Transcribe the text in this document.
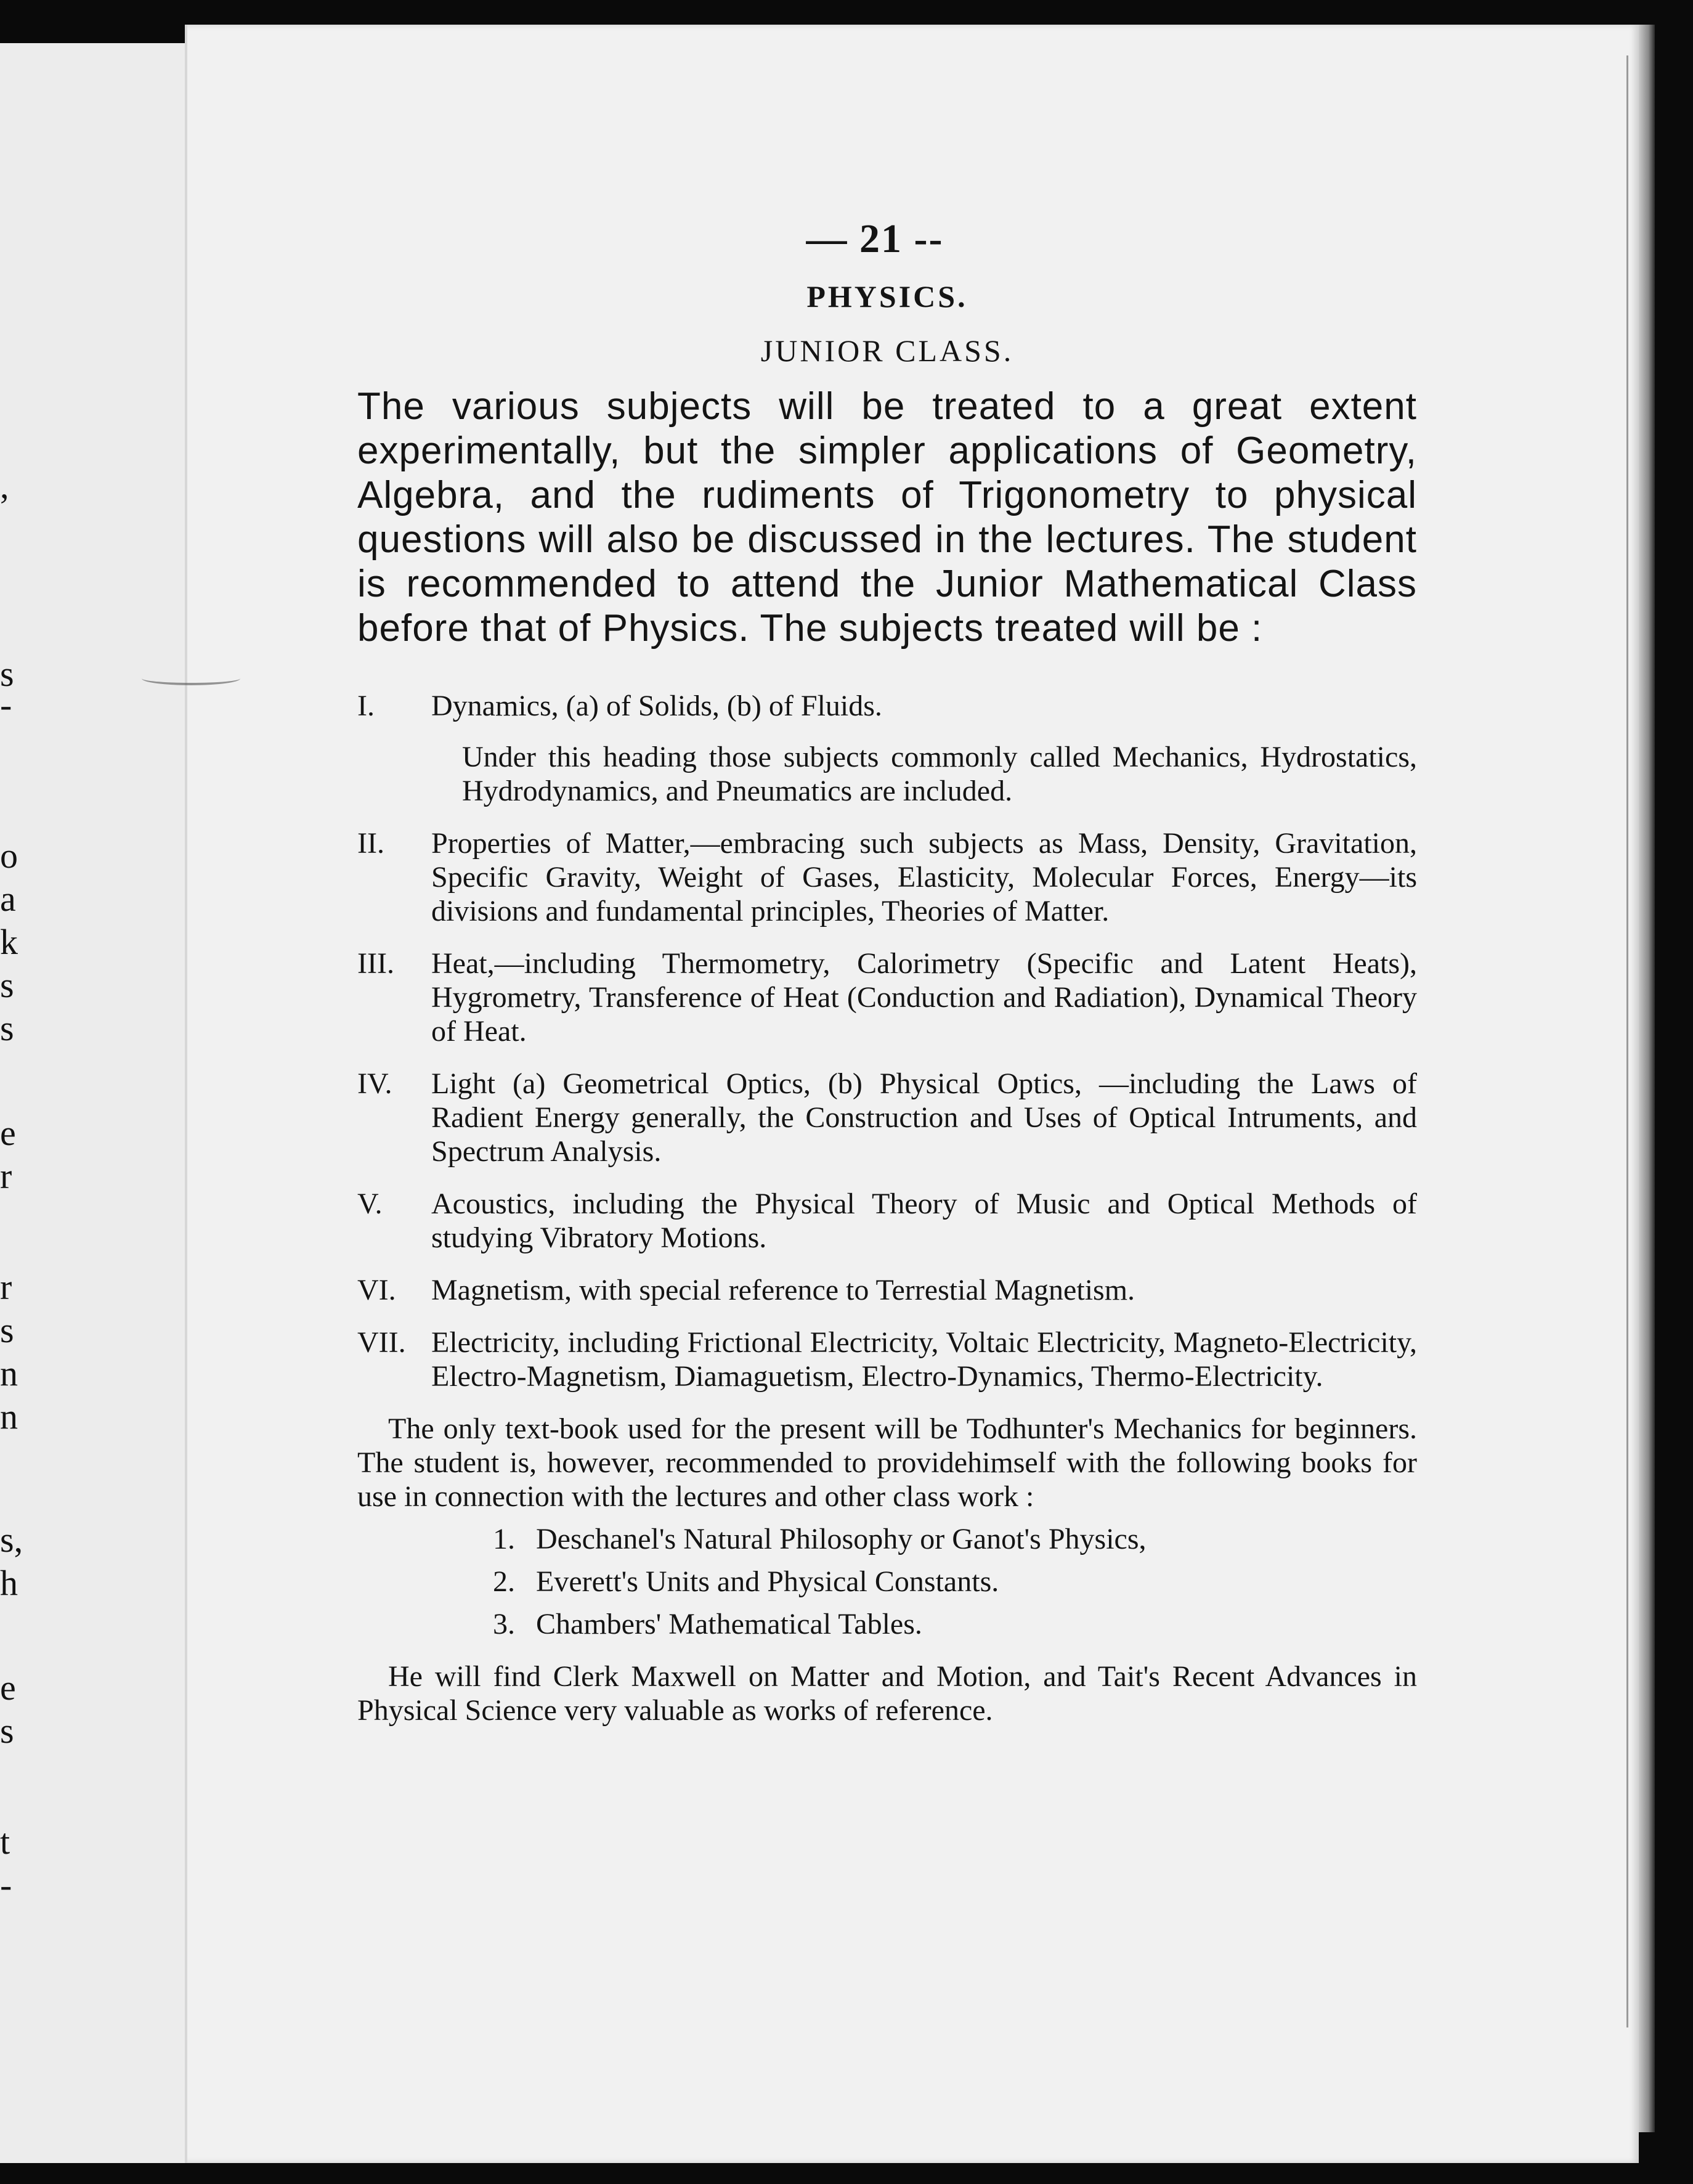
,
s
-
o
a
k
s
s
e
r
r
s
n
n
s,
h
e
s
t
-
— 21 --
PHYSICS.
JUNIOR CLASS.

The various subjects will be treated to a great extent experimentally, but the simpler applications of Geometry, Algebra, and the rudiments of Trigonometry to physical questions will also be discussed in the lectures. The student is recommended to attend the Junior Mathematical Class before that of Physics. The subjects treated will be :

I.	Dynamics, (a) of Solids, (b) of Fluids.
Under this heading those subjects commonly called Mechanics, Hydrostatics, Hydrodynamics, and Pneumatics are included.
II.	Properties of Matter,—embracing such subjects as Mass, Density, Gravitation, Specific Gravity, Weight of Gases, Elasticity, Molecular Forces, Energy—its divisions and fundamental principles, Theories of Matter.
III.	Heat,—including Thermometry, Calorimetry (Specific and Latent Heats), Hygrometry, Transference of Heat (Conduction and Radiation), Dynamical Theory of Heat.
IV.	Light (a) Geometrical Optics, (b) Physical Optics, —including the Laws of Radient Energy generally, the Construction and Uses of Optical Intruments, and Spectrum Analysis.
V.	Acoustics, including the Physical Theory of Music and Optical Methods of studying Vibratory Motions.
VI.	Magnetism, with special reference to Terrestial Magnetism.
VII. Electricity, including Frictional Electricity, Voltaic Electricity, Magneto-Electricity, Electro-Magnetism, Diamaguetism, Electro-Dynamics, Thermo-Electricity.
The only text-book used for the present will be Todhunter's Mechanics for beginners. The student is, however, recommended to providehimself with the following books for use in connection with the lectures and other class work :
1. Deschanel's Natural Philosophy or Ganot's Physics,
2. Everett's Units and Physical Constants.
3. Chambers' Mathematical Tables.
He will find Clerk Maxwell on Matter and Motion, and Tait's Recent Advances in Physical Science very valuable as works of reference.
